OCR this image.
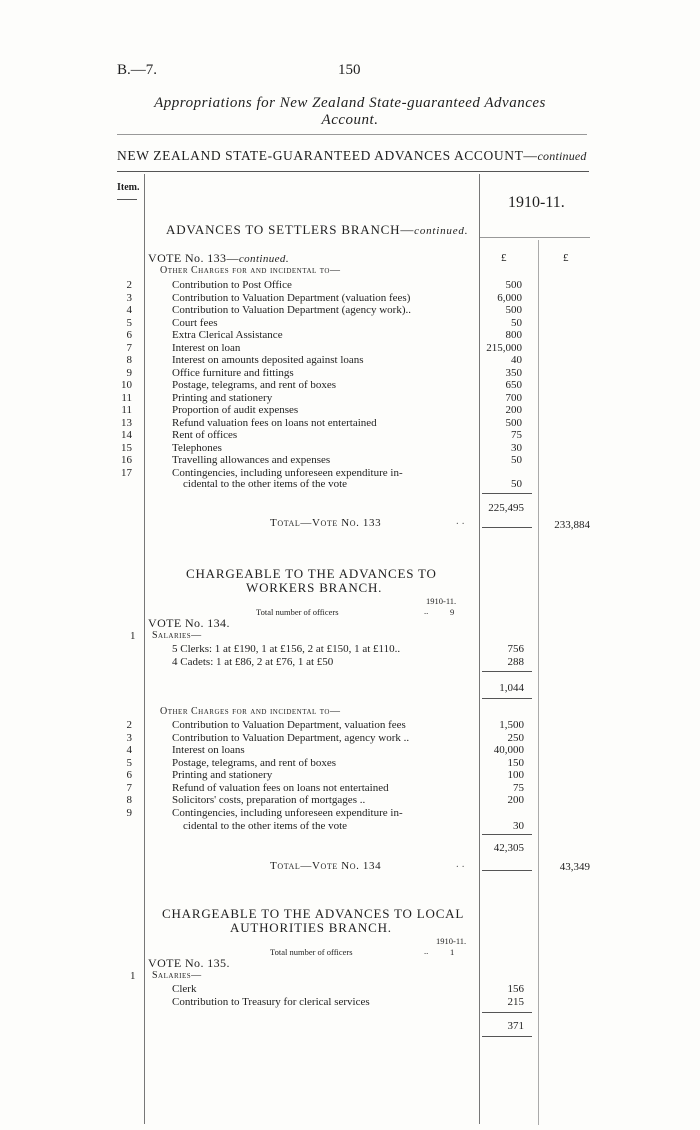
B.—7.	150
Appropriations for New Zealand State-guaranteed Advances
Account.
NEW ZEALAND STATE-GUARANTEED ADVANCES ACCOUNT—continued
Item.
1910-11.
£	£
ADVANCES TO SETTLERS BRANCH—continued.
VOTE No. 133—continued.
Other Charges for and incidental to—
2	Contribution to Post Office	500
3	Contribution to Valuation Department (valuation fees)	6,000
4	Contribution to Valuation Department (agency work)..	500
5	Court fees	50
6	Extra Clerical Assistance	800
7	Interest on loan	215,000
8	Interest on amounts deposited against loans	40
9	Office furniture and fittings	350
10	Postage, telegrams, and rent of boxes	650
11	Printing and stationery	700
11	Proportion of audit expenses	200
13	Refund valuation fees on loans not entertained	500
14	Rent of offices	75
15	Telephones	30
16	Travelling allowances and expenses	50
17	Contingencies, including unforeseen expenditure in-
cidental to the other items of the vote	50
225,495
Total—Vote No. 133	..	233,884
CHARGEABLE TO THE ADVANCES TO
WORKERS BRANCH.
1910-11.
Total number of officers	..	9
VOTE No. 134.
1 Salaries—
5 Clerks: 1 at £190, 1 at £156, 2 at £150, 1 at £110..	756
4 Cadets: 1 at £86, 2 at £76, 1 at £50	288
1,044
Other Charges for and incidental to—
2	Contribution to Valuation Department, valuation fees	1,500
3	Contribution to Valuation Department, agency work ..	250
4	Interest on loans	40,000
5	Postage, telegrams, and rent of boxes	150
6	Printing and stationery	100
7	Refund of valuation fees on loans not entertained	75
8	Solicitors' costs, preparation of mortgages ..	200
9	Contingencies, including unforeseen expenditure in-
cidental to the other items of the vote	30
42,305
Total—Vote No. 134	..	43,349
CHARGEABLE TO THE ADVANCES TO LOCAL
AUTHORITIES BRANCH.
1910-11.
Total number of officers	..	1
VOTE No. 135.
1 Salaries—
Clerk	156
Contribution to Treasury for clerical services	215
371
